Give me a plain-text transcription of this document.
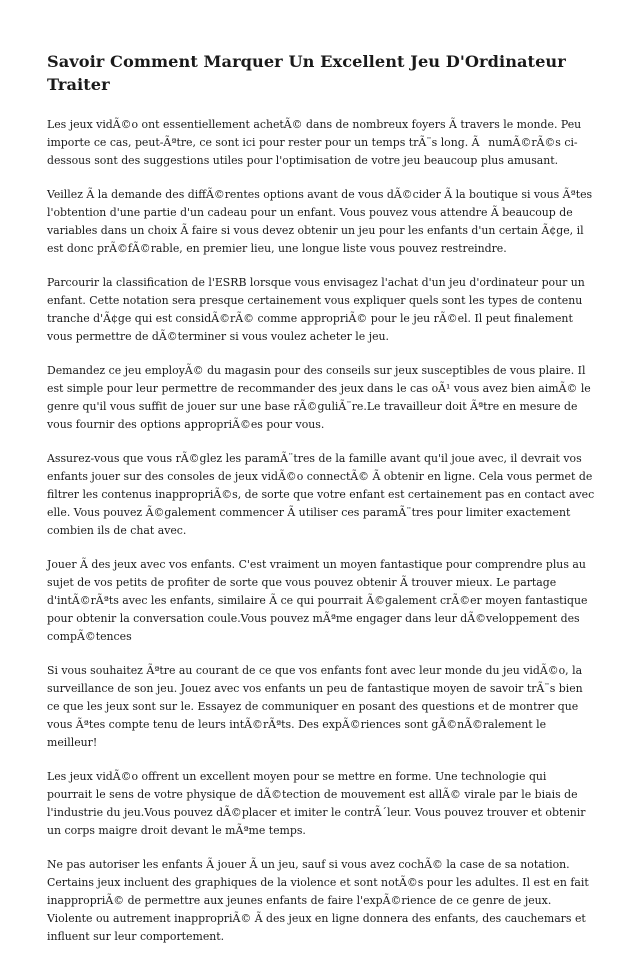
Savoir Comment Marquer Un Excellent Jeu D'Ordinateur Traiter

Les jeux vidÃ©o ont essentiellement achetÃ© dans de nombreux foyers Ã travers le monde. Peu importe ce cas, peut-Ãªtre, ce sont ici pour rester pour un temps trÃ¨s long. ÃnumÃ©rÃ©s ci-dessous sont des suggestions utiles pour l'optimisation de votre jeu beaucoup plus amusant.

Veillez Ã la demande des diffÃ©rentes options avant de vous dÃ©cider Ã la boutique si vous Ãªtes l'obtention d'une partie d'un cadeau pour un enfant. Vous pouvez vous attendre Ã beaucoup de variables dans un choix Ã faire si vous devez obtenir un jeu pour les enfants d'un certain Ã¢ge, il est donc prÃ©fÃ©rable, en premier lieu, une longue liste vous pouvez restreindre.

Parcourir la classification de l'ESRB lorsque vous envisagez l'achat d'un jeu d'ordinateur pour un enfant. Cette notation sera presque certainement vous expliquer quels sont les types de contenu tranche d'Ã¢ge qui est considÃ©rÃ© comme appropriÃ© pour le jeu rÃ©el. Il peut finalement vous permettre de dÃ©terminer si vous voulez acheter le jeu.

Demandez ce jeu employÃ© du magasin pour des conseils sur jeux susceptibles de vous plaire. Il est simple pour leur permettre de recommander des jeux dans le cas oÃ¹ vous avez bien aimÃ© le genre qu'il vous suffit de jouer sur une base rÃ©guliÃ¨re.Le travailleur doit Ãªtre en mesure de vous fournir des options appropriÃ©es pour vous.

Assurez-vous que vous rÃ©glez les paramÃ¨tres de la famille avant qu'il joue avec, il devrait vos enfants jouer sur des consoles de jeux vidÃ©o connectÃ© Ã obtenir en ligne. Cela vous permet de filtrer les contenus inappropriÃ©s, de sorte que votre enfant est certainement pas en contact avec elle. Vous pouvez Ã©galement commencer Ã utiliser ces paramÃ¨tres pour limiter exactement combien ils de chat avec.

Jouer Ã des jeux avec vos enfants. C'est vraiment un moyen fantastique pour comprendre plus au sujet de vos petits de profiter de sorte que vous pouvez obtenir Ã trouver mieux. Le partage d'intÃ©rÃªts avec les enfants, similaire Ã ce qui pourrait Ã©galement crÃ©er moyen fantastique pour obtenir la conversation coule.Vous pouvez mÃªme engager dans leur dÃ©veloppement des compÃ©tences

Si vous souhaitez Ãªtre au courant de ce que vos enfants font avec leur monde du jeu vidÃ©o, la surveillance de son jeu. Jouez avec vos enfants un peu de fantastique moyen de savoir trÃ¨s bien ce que les jeux sont sur le. Essayez de communiquer en posant des questions et de montrer que vous Ãªtes compte tenu de leurs intÃ©rÃªts. Des expÃ©riences sont gÃ©nÃ©ralement le meilleur!

Les jeux vidÃ©o offrent un excellent moyen pour se mettre en forme. Une technologie qui pourrait le sens de votre physique de dÃ©tection de mouvement est allÃ© virale par le biais de l'industrie du jeu.Vous pouvez dÃ©placer et imiter le contrÃ´leur. Vous pouvez trouver et obtenir un corps maigre droit devant le mÃªme temps.

Ne pas autoriser les enfants Ã jouer Ã un jeu, sauf si vous avez cochÃ© la case de sa notation. Certains jeux incluent des graphiques de la violence et sont notÃ©s pour les adultes. Il est en fait inappropriÃ© de permettre aux jeunes enfants de faire l'expÃ©rience de ce genre de jeux. Violente ou autrement inappropriÃ© Ã des jeux en ligne donnera des enfants, des cauchemars et influent sur leur comportement.
